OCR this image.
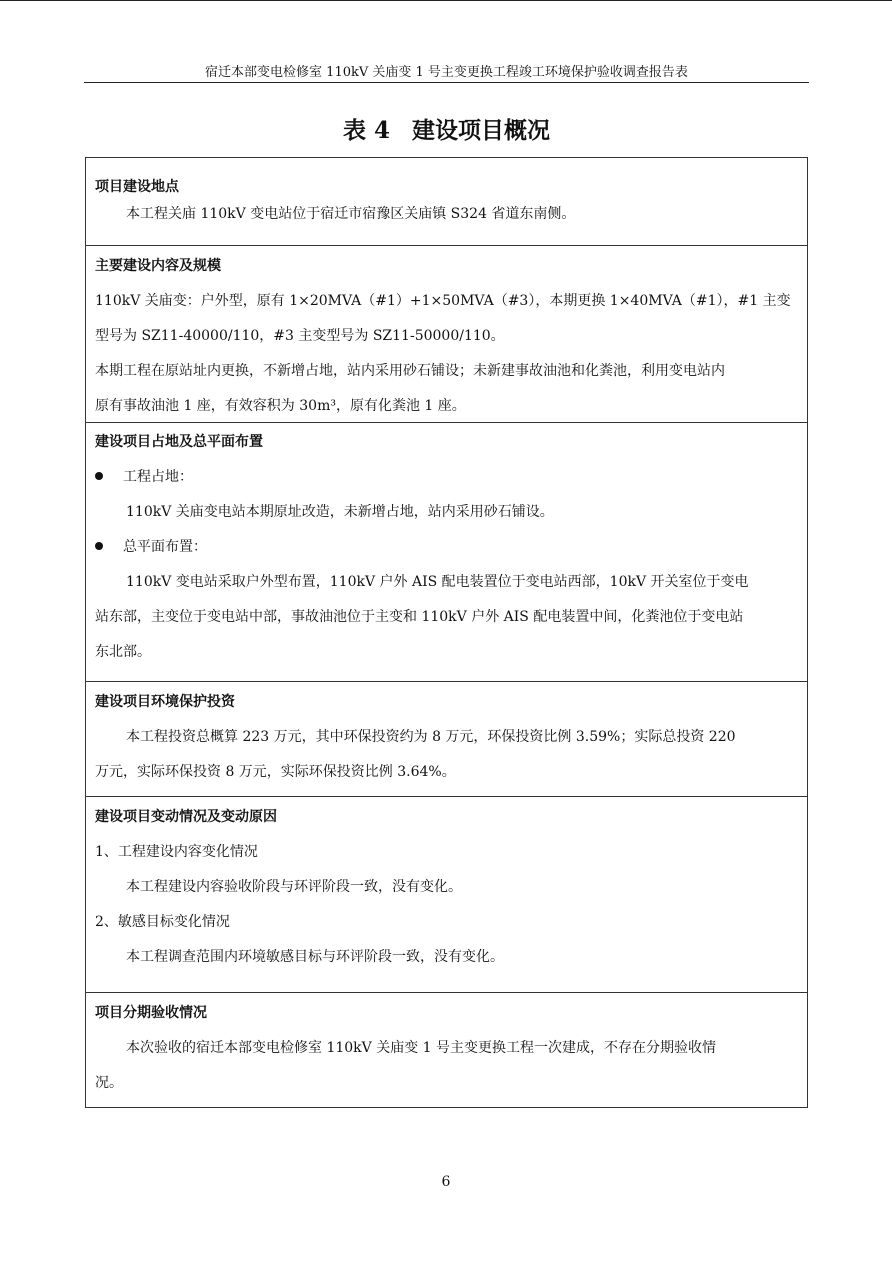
宿迁本部变电检修室 110kV 关庙变 1 号主变更换工程竣工环境保护验收调查报告表
表 4 建设项目概况
项目建设地点
本工程关庙 110kV 变电站位于宿迁市宿豫区关庙镇 S324 省道东南侧。
主要建设内容及规模
110kV 关庙变：户外型，原有 1×20MVA（#1）+1×50MVA（#3），本期更换 1×40MVA（#1），#1 主变
型号为 SZ11-40000/110，#3 主变型号为 SZ11-50000/110。
本期工程在原站址内更换，不新增占地，站内采用砂石铺设；未新建事故油池和化粪池，利用变电站内
原有事故油池 1 座，有效容积为 30m³，原有化粪池 1 座。
建设项目占地及总平面布置
工程占地：
110kV 关庙变电站本期原址改造，未新增占地，站内采用砂石铺设。
总平面布置：
110kV 变电站采取户外型布置，110kV 户外 AIS 配电装置位于变电站西部，10kV 开关室位于变电
站东部，主变位于变电站中部，事故油池位于主变和 110kV 户外 AIS 配电装置中间，化粪池位于变电站
东北部。
建设项目环境保护投资
本工程投资总概算 223 万元，其中环保投资约为 8 万元，环保投资比例 3.59%；实际总投资 220
万元，实际环保投资 8 万元，实际环保投资比例 3.64%。
建设项目变动情况及变动原因
1、工程建设内容变化情况
本工程建设内容验收阶段与环评阶段一致，没有变化。
2、敏感目标变化情况
本工程调查范围内环境敏感目标与环评阶段一致，没有变化。
项目分期验收情况
本次验收的宿迁本部变电检修室 110kV 关庙变 1 号主变更换工程一次建成，不存在分期验收情
况。
6
